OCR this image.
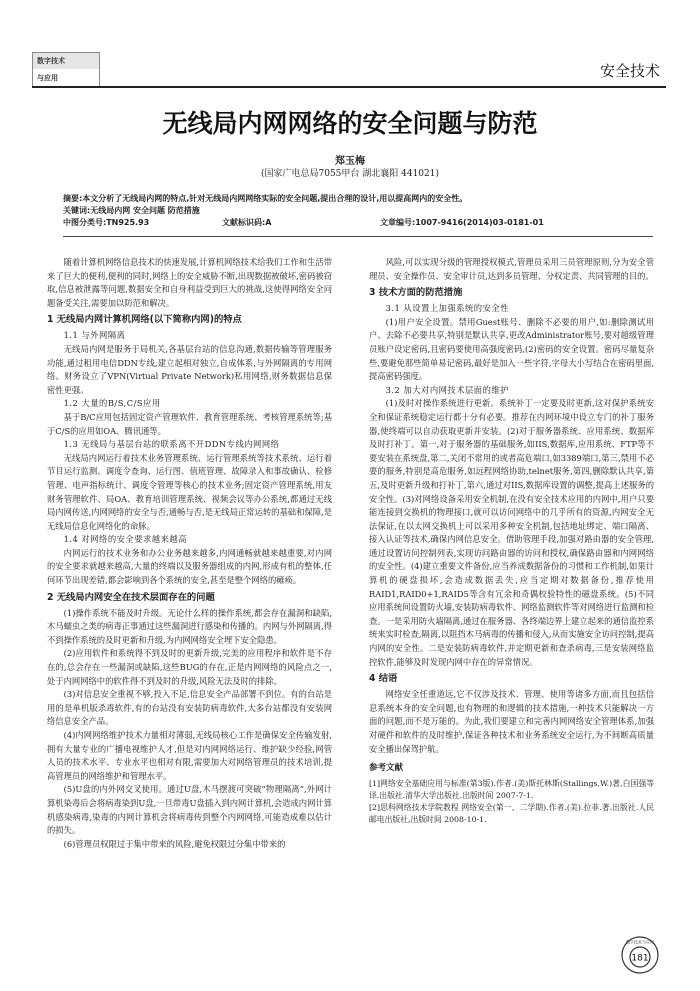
数字技术
与应用	安全技术
无线局内网网络的安全问题与防范
郑玉梅
(国家广电总局7055甲台 湖北襄阳 441021)
摘要:本文分析了无线局内网的特点,针对无线局内网网络实际的安全问题,提出合理的设计,用以提高网内的安全性。
关键词:无线局内网 安全问题 防范措施
中图分类号:TN925.93	文献标识码:A	文章编号:1007-9416(2014)03-0181-01

随着计算机网络信息技术的快速发展,计算机网络技术给我们工作和生活带来了巨大的便利,便利的同时,网络上的安全威胁不断,出现数据被破坏,密码被窃取,信息被泄露等问题,数据安全和自身利益受到巨大的挑战,这使得网络安全问题备受关注,需要加以防范和解决。

1 无线局内网计算机网络(以下简称内网)的特点
1.1 与外网隔离

无线局内网是服务于局机关,各基层台站的信息沟通,数据传输等管理服务功能,通过租用电信DDN专线,建立起相对独立,自成体系,与外网隔离的专用网络。财务设立了VPN(Virtual Private Network)私用网络,财务数据信息保密性更强。

1.2 大量的B/S,C/S应用

基于B/C应用包括固定资产管理软件、教育管理系统、考核管理系统等;基于C/S的应用如OA、腾讯通等。

1.3 无线局与基层台站的联系离不开DDN专线内网网络

无线局内网运行着技术业务管理系统、运行管理系统等技术系统、运行着节目运行监测、调度令查询、运行图、值班管理、故障录入和事故确认、检修管理、电声指标统计、调度令管理等核心的技术业务;固定资产管理系统,用友财务管理软件、局OA、教育培训管理系统、视频会议等办公系统,都通过无线局内网传送,内网网络的安全与否,通畅与否,是无线局正常运转的基础和保障,是无线局信息化网络化的命脉。

1.4 对网络的安全要求越来越高

内网运行的技术业务和办公业务越来越多,内网通畅就越来越重要,对内网的安全要求就越来越高,大量的终端以及服务器组成的内网,形成有机的整体,任何环节出现差错,都会影响到各个系统的安全,甚至是整个网络的瘫痪。

2 无线局内网安全在技术层面存在的问题

(1)操作系统不能及时升级。无论什么样的操作系统,都会存在漏洞和缺陷,木马蠕虫之类的病毒正事通过这些漏洞进行感染和传播的。内网与外网隔离,得不到操作系统的及时更新和升级,为内网网络安全埋下安全隐患。

(2)应用软件和系统得不到及时的更新升级,完美的应用程序和软件是不存在的,总会存在一些漏洞或缺陷,这些BUG的存在,正是内网网络的风险点之一,处于内网网络中的软件得不到及时的升级,风险无法及时的排除。

(3)对信息安全重视不够,投入不足,信息安全产品部署不到位。有的台站是用的是单机版杀毒软件,有的台站没有安装防病毒软件,大多台站都没有安装网络信息安全产品。

(4)内网网络维护技术力量相对薄弱,无线局核心工作是确保安全传输发射,拥有大量专业的广播电视维护人才,但是对内网网络运行、维护缺少经验,网管人员的技术水平、专业水平也相对有限,需要加大对网络管理员的技术培训,提高管理员的网络维护和管理水平。

(5)U盘的内外网交叉使用。通过U盘,木马摆渡可突破“物理隔离”,外网计算机染毒后会将病毒染到U盘,一旦带毒U盘插入到内网计算机,会造成内网计算机感染病毒,染毒的内网计算机会将病毒传到整个内网网络,可能造成难以估计的损失。

(6)管理员权限过于集中带来的风险,避免权限过分集中带来的

风险,可以实现分级的管理授权模式,管理员采用三员管理原则,分为安全管理员、安全操作员、安全审计员,达到多员管理、分权定责、共同管理的目的。

3 技术方面的防范措施
3.1 从设置上加强系统的安全性

(1)用户安全设置。禁用Guest账号、删除不必要的用户,如:删除测试用户、去除不必要共享,特别是默认共享,更改Administrator账号,要对超级管理员账户设定密码,且密码要使用高强度密码,(2)密码的安全设置。密码尽量复杂些,要避免那些简单易记密码,最好是加入一些字符,字母大小写结合在密码里面,提高密码强度。

3.2 加大对内网技术层面的维护

(1)及时对操作系统进行更新。系统补丁一定要及时更新,这对保护系统安全和保证系统稳定运行都十分有必要。推荐在内网环境中设立专门的补丁服务器,使终端可以自动获取更新并安装。(2)对于服务器系统、应用系统、数据库及时打补丁。第一,对于服务器的基础服务,如IIS,数据库,应用系统、FTP等不要安装在系统盘,第二,关闭不常用的或者高危端口,如3389端口,第三,禁用不必要的服务,特别是高危服务,如远程网络协助,telnet服务,第四,删除默认共享,第五,及时更新升级和打补丁,第六,通过对IIS,数据库设置的调整,提高上述服务的安全性。(3)对网络设备采用安全机制,在没有安全技术应用的内网中,用户只要能连接到交换机的物理接口,就可以访问网络中的几乎所有的资源,内网安全无法保证,在以太网交换机上可以采用多种安全机制,包括地址绑定、端口隔离、接入认证等技术,确保内网信息安全。借助管理手段,加强对路由器的安全管理,通过设置访问控制列表,实现访问路由器的访问和授权,确保路由器和内网网络的安全性。(4)建立重要文件备份,应当养成数据备份的习惯和工作机制,如果计算机的硬盘损坏,会造成数据丢失,应当定期对数据备份,推荐使用RAID1,RAID0+1,RAID5等含有冗余和奇偶校验特性的磁盘系统。(5)不同应用系统间设置防火墙,安装防病毒软件、网络监测软件等对网络进行监测和检查。一是采用防火墙隔离,通过在服务器、各终端边界上建立起来的通信监控系统来实时检查,隔离,以阻挡木马病毒的传播和侵入,从而实施安全访问控制,提高内网的安全性。二是安装防病毒软件,并定期更新和查杀病毒,三是安装网络监控软件,能够及时发现内网中存在的异常情况。

4 结语

网络安全任重道远,它不仅涉及技术、管理、使用等诸多方面,而且包括信息系统本身的安全问题,也有物理的和逻辑的技术措施,一种技术只能解决一方面的问题,而不是万能的。为此,我们要建立和完善内网网络安全管理体系,加强对硬件和软件的及时维护,保证各种技术和业务系统安全运行,为不间断高质量安全播出保驾护航。

参考文献

[1]网络安全基础应用与标准(第3版).作者.(美)斯托林斯(Stallings,W.)著,白国强等译.出版社.清华大学出版社.出版时间 2007-7-1.

[2]思科网络技术学院教程 网络安全(第一、二学期).作者.(美).拉菲.著.出版社.人民邮电出版社,出版时间 2008-10-1.

数字技术与应用
181
